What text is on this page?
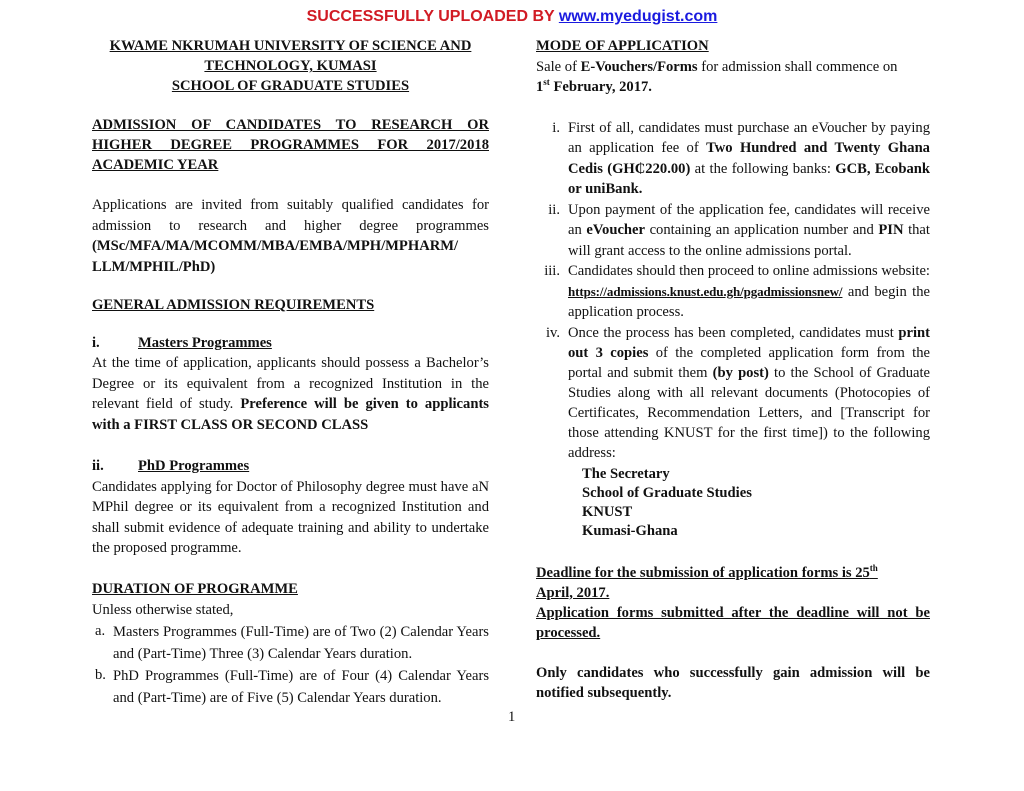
SUCCESSFULLY UPLOADED BY www.myedugist.com
KWAME NKRUMAH UNIVERSITY OF SCIENCE AND
TECHNOLOGY, KUMASI
SCHOOL OF GRADUATE STUDIES
ADMISSION OF CANDIDATES TO RESEARCH OR HIGHER DEGREE PROGRAMMES FOR 2017/2018 ACADEMIC YEAR
Applications are invited from suitably qualified candidates for admission to research and higher degree programmes (MSc/MFA/MA/MCOMM/MBA/EMBA/MPH/MPHARM/ LLM/MPHIL/PhD)
GENERAL ADMISSION REQUIREMENTS
i.	Masters Programmes
At the time of application, applicants should possess a Bachelor’s Degree or its equivalent from a recognized Institution in the relevant field of study. Preference will be given to applicants with a FIRST CLASS OR SECOND CLASS
ii.	PhD Programmes
Candidates applying for Doctor of Philosophy degree must have aN MPhil degree or its equivalent from a recognized Institution and shall submit evidence of adequate training and ability to undertake the proposed programme.
DURATION OF PROGRAMME
Unless otherwise stated,
a. Masters Programmes (Full-Time) are of Two (2) Calendar Years and (Part-Time) Three (3) Calendar Years duration.
b. PhD Programmes (Full-Time) are of Four (4) Calendar Years and (Part-Time) are of Five (5) Calendar Years duration.
MODE OF APPLICATION
Sale of E-Vouchers/Forms for admission shall commence on
1st February, 2017.
i. First of all, candidates must purchase an eVoucher by paying an application fee of Two Hundred and Twenty Ghana Cedis (GH₵220.00) at the following banks: GCB, Ecobank or uniBank.
ii. Upon payment of the application fee, candidates will receive an eVoucher containing an application number and PIN that will grant access to the online admissions portal.
iii. Candidates should then proceed to online admissions website: https://admissions.knust.edu.gh/pgadmissionsnew/ and begin the application process.
iv. Once the process has been completed, candidates must print out 3 copies of the completed application form from the portal and submit them (by post) to the School of Graduate Studies along with all relevant documents (Photocopies of Certificates, Recommendation Letters, and [Transcript for those attending KNUST for the first time]) to the following address:
The Secretary
School of Graduate Studies
KNUST
Kumasi-Ghana
Deadline for the submission of application forms is 25th
April, 2017.
Application forms submitted after the deadline will not be processed.
Only candidates who successfully gain admission will be notified subsequently.
1
